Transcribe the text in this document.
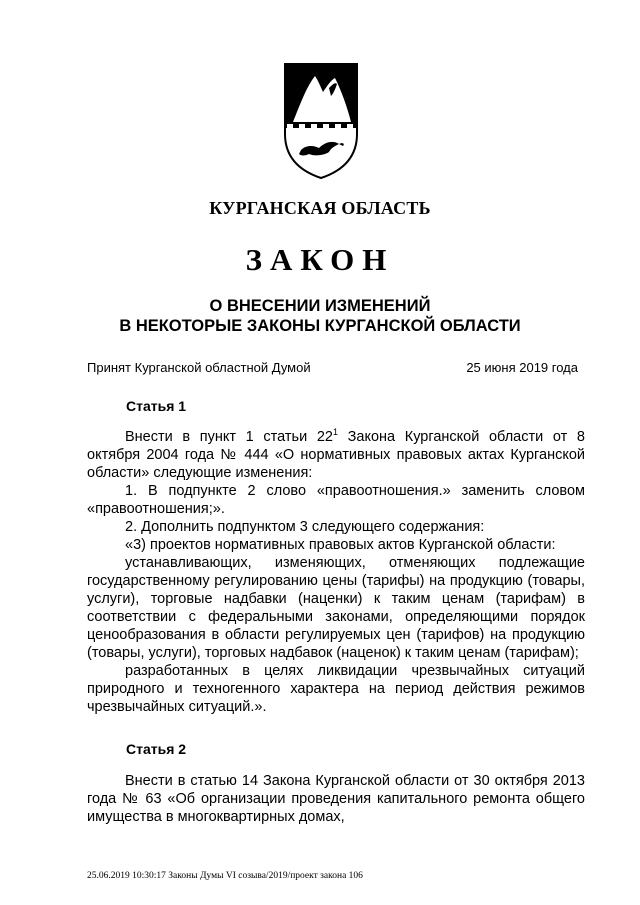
КУРГАНСКАЯ ОБЛАСТЬ
ЗАКОН
О ВНЕСЕНИИ ИЗМЕНЕНИЙ
В НЕКОТОРЫЕ ЗАКОНЫ КУРГАНСКОЙ ОБЛАСТИ
Принят Курганской областной Думой	25 июня 2019 года
Статья 1

Внести в пункт 1 статьи $22^1$ Закона Курганской области от 8 октября 2004 года № 444 «О нормативных правовых актах Курганской области» следующие изменения:

1. В подпункте 2 слово «правоотношения.» заменить словом «правоотношения;».

2. Дополнить подпунктом 3 следующего содержания:

«3) проектов нормативных правовых актов Курганской области:

устанавливающих, изменяющих, отменяющих подлежащие государственному регулированию цены (тарифы) на продукцию (товары, услуги), торговые надбавки (наценки) к таким ценам (тарифам) в соответствии с федеральными законами, определяющими порядок ценообразования в области регулируемых цен (тарифов) на продукцию (товары, услуги), торговых надбавок (наценок) к таким ценам (тарифам);

разработанных в целях ликвидации чрезвычайных ситуаций природного и техногенного характера на период действия режимов чрезвычайных ситуаций.».

Статья 2

Внести в статью 14 Закона Курганской области от 30 октября 2013 года № 63 «Об организации проведения капитального ремонта общего имущества в многоквартирных домах,

25.06.2019 10:30:17 Законы Думы VI созыва/2019/проект закона 106
